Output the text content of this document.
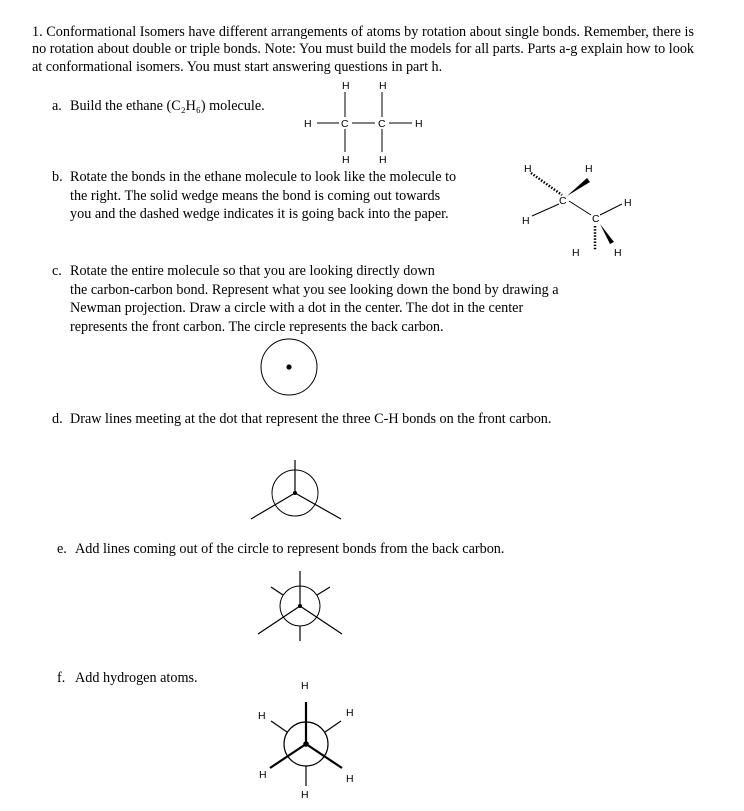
1. Conformational Isomers have different arrangements of atoms by rotation about single bonds. Remember, there is no rotation about double or triple bonds. Note: You must build the models for all parts. Parts a-g explain how to look at conformational isomers. You must start answering questions in part h.

a. Build the ethane (C₂H₆) molecule.
H	H
H	C	C	H
H	H
b. Rotate the bonds in the ethane molecule to look like the molecule to
the right. The solid wedge means the bond is coming out towards
you and the dashed wedge indicates it is going back into the paper.
H	H
C	H
H	C
H	H
c. Rotate the entire molecule so that you are looking directly down
the carbon-carbon bond. Represent what you see looking down the bond by drawing a
Newman projection. Draw a circle with a dot in the center. The dot in the center
represents the front carbon. The circle represents the back carbon.
d. Draw lines meeting at the dot that represent the three C-H bonds on the front carbon.
e. Add lines coming out of the circle to represent bonds from the back carbon.
f. Add hydrogen atoms.	H
H	H
H	H
H
